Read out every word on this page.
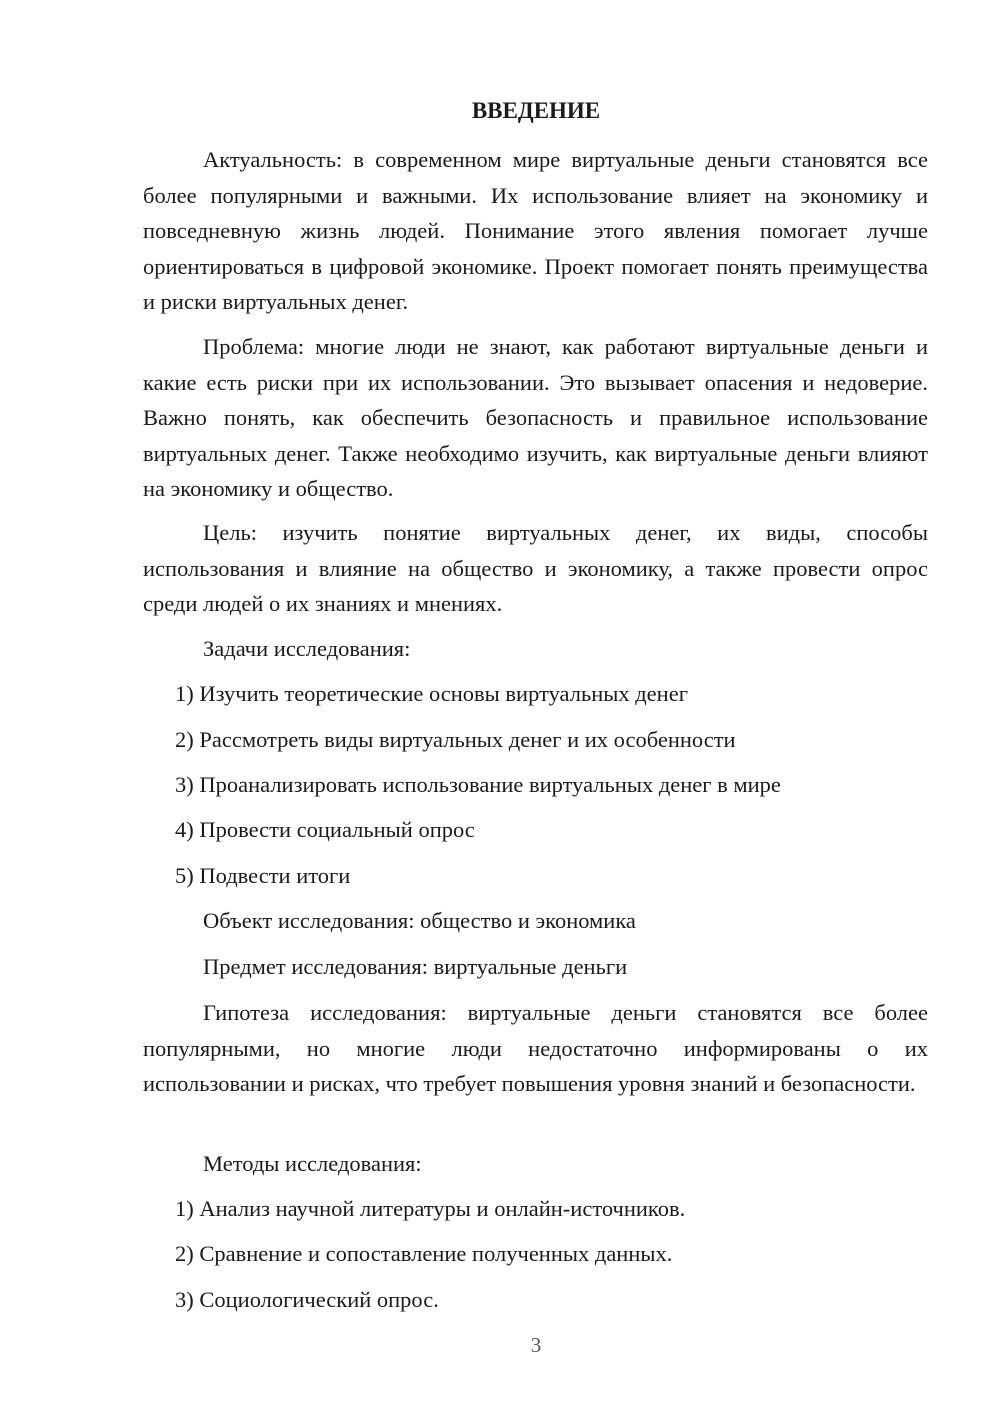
ВВЕДЕНИЕ

Актуальность: в современном мире виртуальные деньги становятся все более популярными и важными. Их использование влияет на экономику и повседневную жизнь людей. Понимание этого явления помогает лучше ориентироваться в цифровой экономике. Проект помогает понять преимущества и риски виртуальных денег.

Проблема: многие люди не знают, как работают виртуальные деньги и какие есть риски при их использовании. Это вызывает опасения и недоверие. Важно понять, как обеспечить безопасность и правильное использование виртуальных денег. Также необходимо изучить, как виртуальные деньги влияют на экономику и общество.

Цель: изучить понятие виртуальных денег, их виды, способы использования и влияние на общество и экономику, а также провести опрос среди людей о их знаниях и мнениях.

Задачи исследования:

1) Изучить теоретические основы виртуальных денег

2) Рассмотреть виды виртуальных денег и их особенности

3) Проанализировать использование виртуальных денег в мире

4) Провести социальный опрос

5) Подвести итоги

Объект исследования: общество и экономика

Предмет исследования: виртуальные деньги

Гипотеза исследования: виртуальные деньги становятся все более популярными, но многие люди недостаточно информированы о их использовании и рисках, что требует повышения уровня знаний и безопасности.

Методы исследования:

1) Анализ научной литературы и онлайн-источников.

2) Сравнение и сопоставление полученных данных.

3) Социологический опрос.

3
